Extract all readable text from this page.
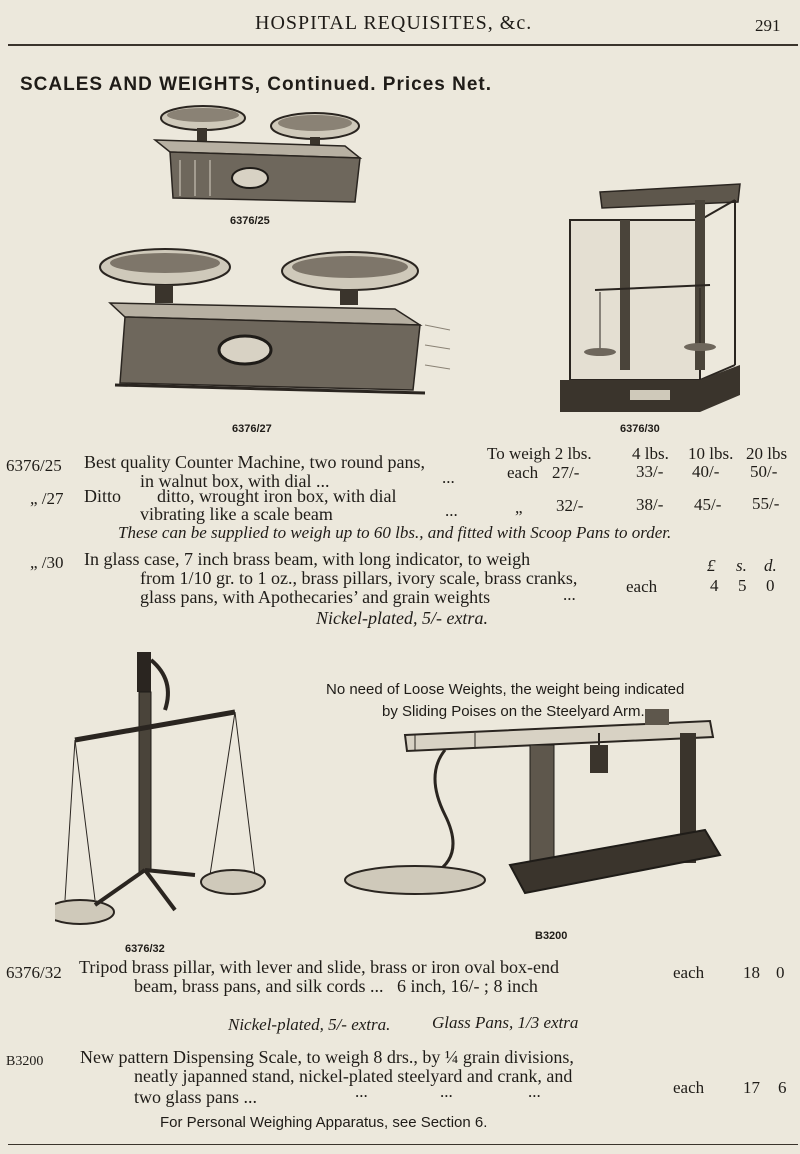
HOSPITAL REQUISITES, &c.	291
SCALES AND WEIGHTS, Continued. Prices Net.
6376/25
6376/27	6376/30
To weigh 2 lbs. 4 lbs. 10 lbs. 20 lbs
6376/25 Best quality Counter Machine, two round pans,
in walnut box, with dial ...	...	each 27/-	33/- 40/- 50/-
„ /27 Ditto        ditto, wrought iron box, with dial
vibrating like a scale beam	...	„ 32/-	38/- 45/- 55/-
These can be supplied to weigh up to 60 lbs., and fitted with Scoop Pans to order.
„ /30 In glass case, 7 inch brass beam, with long indicator, to weigh
from 1/10 gr. to 1 oz., brass pillars, ivory scale, brass cranks,
glass pans, with Apothecaries’ and grain weights	...	each
£ s. d.
4 5 0
Nickel-plated, 5/- extra.
No need of Loose Weights, the weight being indicated
by Sliding Poises on the Steelyard Arm.
6376/32
B3200
6376/32 Tripod brass pillar, with lever and slide, brass or iron oval box-end
beam, brass pans, and silk cords ...   6 inch, 16/- ; 8 inch
each 18 0
Nickel-plated, 5/- extra. Glass Pans, 1/3 extra
B3200 New pattern Dispensing Scale, to weigh 8 drs., by ¼ grain divisions,
neatly japanned stand, nickel-plated steelyard and crank, and
two glass pans ...	...	...	...	each 17 6
For Personal Weighing Apparatus, see Section 6.
